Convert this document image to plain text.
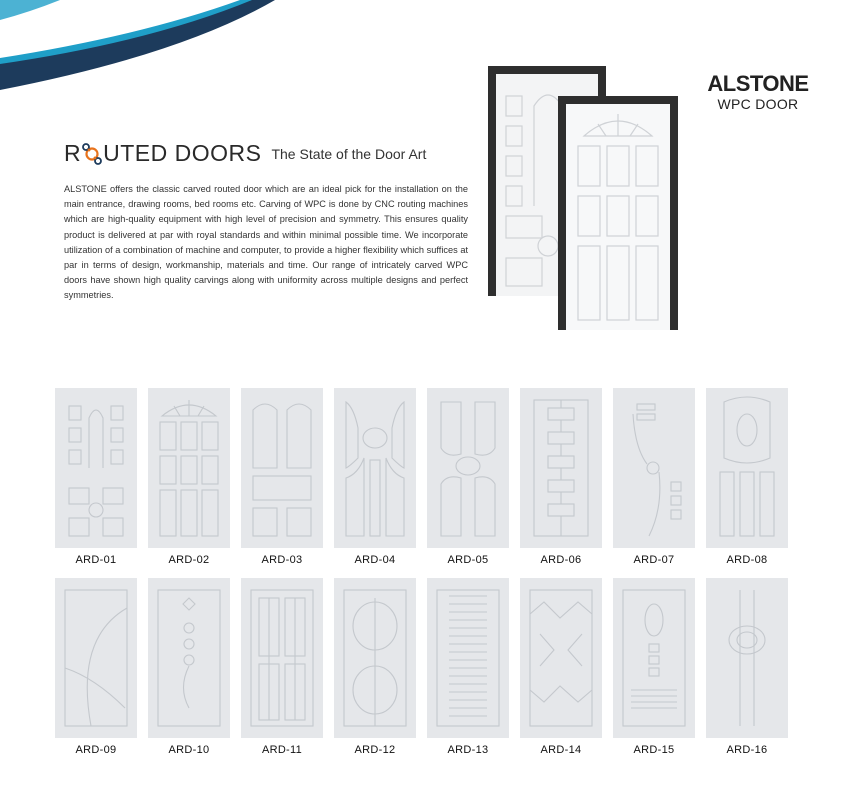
ALSTONE
WPC DOOR
R UTED DOORS The State of the Door Art
ALSTONE offers the classic carved routed door which are an ideal pick for the installation on the main entrance, drawing rooms, bed rooms etc. Carving of WPC is done by CNC routing machines which are high-quality equipment with high level of precision and symmetry. This ensures quality product is delivered at par with royal standards and within minimal possible time. We incorporate utilization of a combination of machine and computer, to provide a higher flexibility which suffices at par in terms of design, workmanship, materials and time. Our range of intricately carved WPC doors have shown high quality carvings along with uniformity across multiple designs and perfect symmetries.
ARD-01	ARD-02	ARD-03	ARD-04	ARD-05	ARD-06	ARD-07	ARD-08
ARD-09	ARD-10	ARD-11	ARD-12	ARD-13	ARD-14	ARD-15	ARD-16
